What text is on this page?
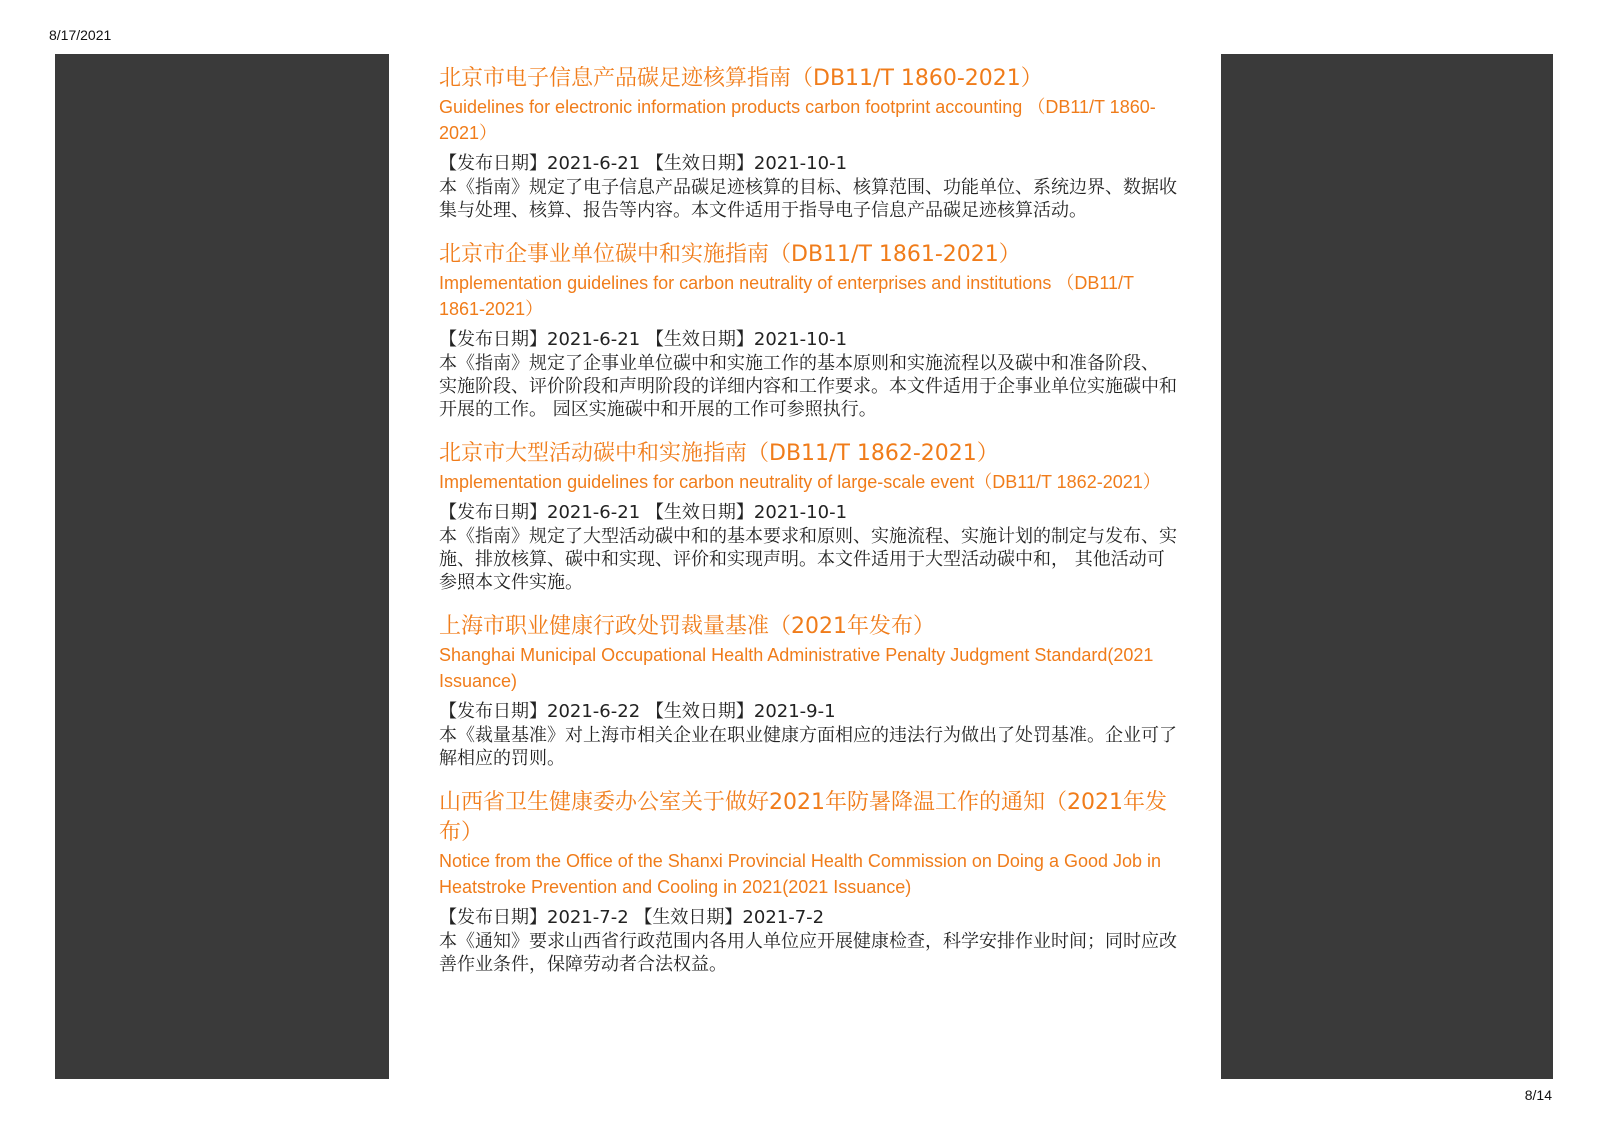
8/17/2021

北京市电子信息产品碳足迹核算指南（DB11/T 1860-2021）

Guidelines for electronic information products carbon footprint accounting （DB11/T 1860-2021）

【发布日期】2021-6-21 【生效日期】2021-10-1

本《指南》规定了电子信息产品碳足迹核算的目标、核算范围、功能单位、系统边界、数据收集与处理、核算、报告等内容。本文件适用于指导电子信息产品碳足迹核算活动。

北京市企事业单位碳中和实施指南（DB11/T 1861-2021）

Implementation guidelines for carbon neutrality of enterprises and institutions （DB11/T 1861-2021）

【发布日期】2021-6-21 【生效日期】2021-10-1

本《指南》规定了企事业单位碳中和实施工作的基本原则和实施流程以及碳中和准备阶段、 实施阶段、评价阶段和声明阶段的详细内容和工作要求。本文件适用于企事业单位实施碳中和开展的工作。 园区实施碳中和开展的工作可参照执行。

北京市大型活动碳中和实施指南（DB11/T 1862-2021）

Implementation guidelines for carbon neutrality of large-scale event（DB11/T 1862-2021）

【发布日期】2021-6-21 【生效日期】2021-10-1

本《指南》规定了大型活动碳中和的基本要求和原则、实施流程、实施计划的制定与发布、实施、排放核算、碳中和实现、评价和实现声明。本文件适用于大型活动碳中和， 其他活动可参照本文件实施。

上海市职业健康行政处罚裁量基准（2021年发布）

Shanghai Municipal Occupational Health Administrative Penalty Judgment Standard(2021 Issuance)

【发布日期】2021-6-22 【生效日期】2021-9-1

本《裁量基准》对上海市相关企业在职业健康方面相应的违法行为做出了处罚基准。企业可了解相应的罚则。

山西省卫生健康委办公室关于做好2021年防暑降温工作的通知（2021年发布）

Notice from the Office of the Shanxi Provincial Health Commission on Doing a Good Job in Heatstroke Prevention and Cooling in 2021(2021 Issuance)

【发布日期】2021-7-2 【生效日期】2021-7-2

本《通知》要求山西省行政范围内各用人单位应开展健康检查，科学安排作业时间；同时应改善作业条件，保障劳动者合法权益。

8/14
